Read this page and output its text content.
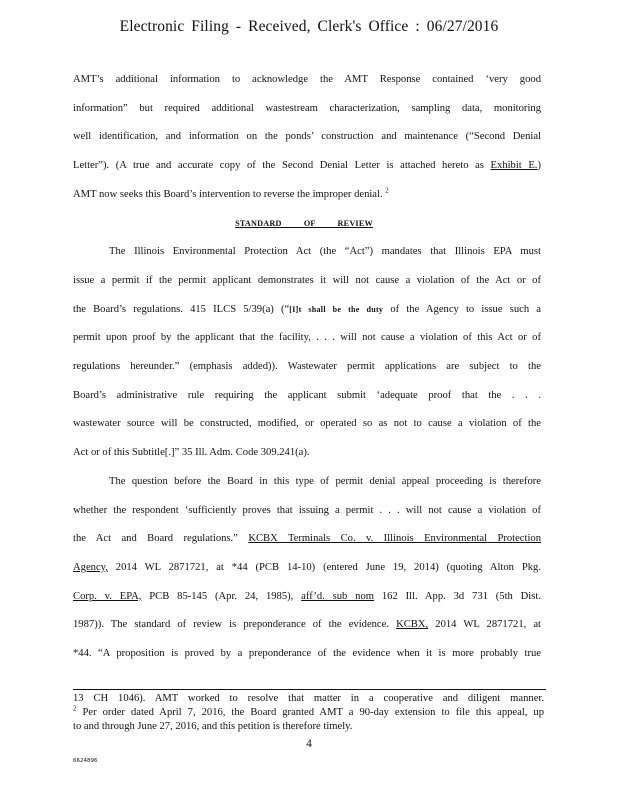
Electronic Filing - Received, Clerk's Office : 06/27/2016
AMT’s additional information to acknowledge the AMT Response contained ‘very good
information” but required additional wastestream characterization, sampling data, monitoring
well identification, and information on the ponds’ construction and maintenance (“Second Denial
Letter”). (A true and accurate copy of the Second Denial Letter is attached hereto as Exhibit E.)
AMT now seeks this Board’s intervention to reverse the improper denial. $^2$
STANDARD OF REVIEW
The Illinois Environmental Protection Act (the “Act”) mandates that Illinois EPA must
issue a permit if the permit applicant demonstrates it will not cause a violation of the Act or of
the Board’s regulations. 415 ILCS 5/39(a) (“[I]t shall be the duty of the Agency to issue such a
permit upon proof by the applicant that the facility, . . . will not cause a violation of this Act or of
regulations hereunder.” (emphasis added)). Wastewater permit applications are subject to the
Board’s administrative rule requiring the applicant submit ‘adequate proof that the . . .
wastewater source will be constructed, modified, or operated so as not to cause a violation of the
Act or of this Subtitle[.]” 35 Ill. Adm. Code 309.241(a).
The question before the Board in this type of permit denial appeal proceeding is therefore
whether the respondent ‘sufficiently proves that issuing a permit . . . will not cause a violation of
the Act and Board regulations.” KCBX Terminals Co. v. Illinois Environmental Protection
Agency, 2014 WL 2871721, at *44 (PCB 14-10) (entered June 19, 2014) (quoting Alton Pkg.
Corp. v. EPA, PCB 85-145 (Apr. 24, 1985), aff’d. sub nom 162 Ill. App. 3d 731 (5th Dist.
1987)). The standard of review is preponderance of the evidence. KCBX, 2014 WL 2871721, at
*44. “A proposition is proved by a preponderance of the evidence when it is more probably true
13 CH 1046). AMT worked to resolve that matter in a cooperative and diligent manner.
$^2$ Per order dated April 7, 2016, the Board granted AMT a 90-day extension to file this appeal, up
to and through June 27, 2016, and this petition is therefore timely.
4
6624896
